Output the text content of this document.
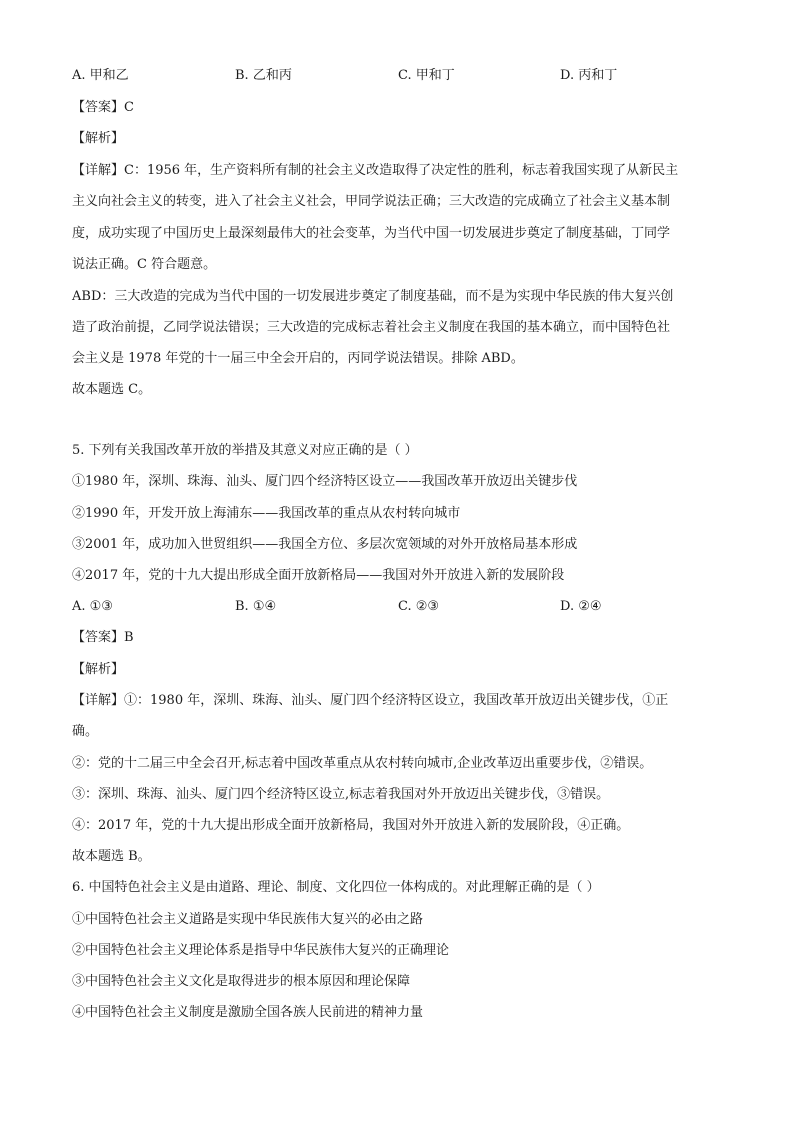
A. 甲和乙	B. 乙和丙	C. 甲和丁	D. 丙和丁
【答案】C
【解析】
【详解】C：1956 年，生产资料所有制的社会主义改造取得了决定性的胜利，标志着我国实现了从新民主
主义向社会主义的转变，进入了社会主义社会，甲同学说法正确；三大改造的完成确立了社会主义基本制
度，成功实现了中国历史上最深刻最伟大的社会变革，为当代中国一切发展进步奠定了制度基础，丁同学
说法正确。C 符合题意。
ABD：三大改造的完成为当代中国的一切发展进步奠定了制度基础，而不是为实现中华民族的伟大复兴创
造了政治前提，乙同学说法错误；三大改造的完成标志着社会主义制度在我国的基本确立，而中国特色社
会主义是 1978 年党的十一届三中全会开启的，丙同学说法错误。排除 ABD。
故本题选 C。
5. 下列有关我国改革开放的举措及其意义对应正确的是（ ）
①1980 年，深圳、珠海、汕头、厦门四个经济特区设立——我国改革开放迈出关键步伐
②1990 年，开发开放上海浦东——我国改革的重点从农村转向城市
③2001 年，成功加入世贸组织——我国全方位、多层次宽领域的对外开放格局基本形成
④2017 年，党的十九大提出形成全面开放新格局——我国对外开放进入新的发展阶段
A. ①③	B. ①④	C. ②③	D. ②④
【答案】B
【解析】
【详解】①：1980 年，深圳、珠海、汕头、厦门四个经济特区设立，我国改革开放迈出关键步伐，①正
确。
②：党的十二届三中全会召开,标志着中国改革重点从农村转向城市,企业改革迈出重要步伐，②错误。
③：深圳、珠海、汕头、厦门四个经济特区设立,标志着我国对外开放迈出关键步伐，③错误。
④：2017 年，党的十九大提出形成全面开放新格局，我国对外开放进入新的发展阶段，④正确。
故本题选 B。
6. 中国特色社会主义是由道路、理论、制度、文化四位一体构成的。对此理解正确的是（ ）
①中国特色社会主义道路是实现中华民族伟大复兴的必由之路
②中国特色社会主义理论体系是指导中华民族伟大复兴的正确理论
③中国特色社会主义文化是取得进步的根本原因和理论保障
④中国特色社会主义制度是激励全国各族人民前进的精神力量
